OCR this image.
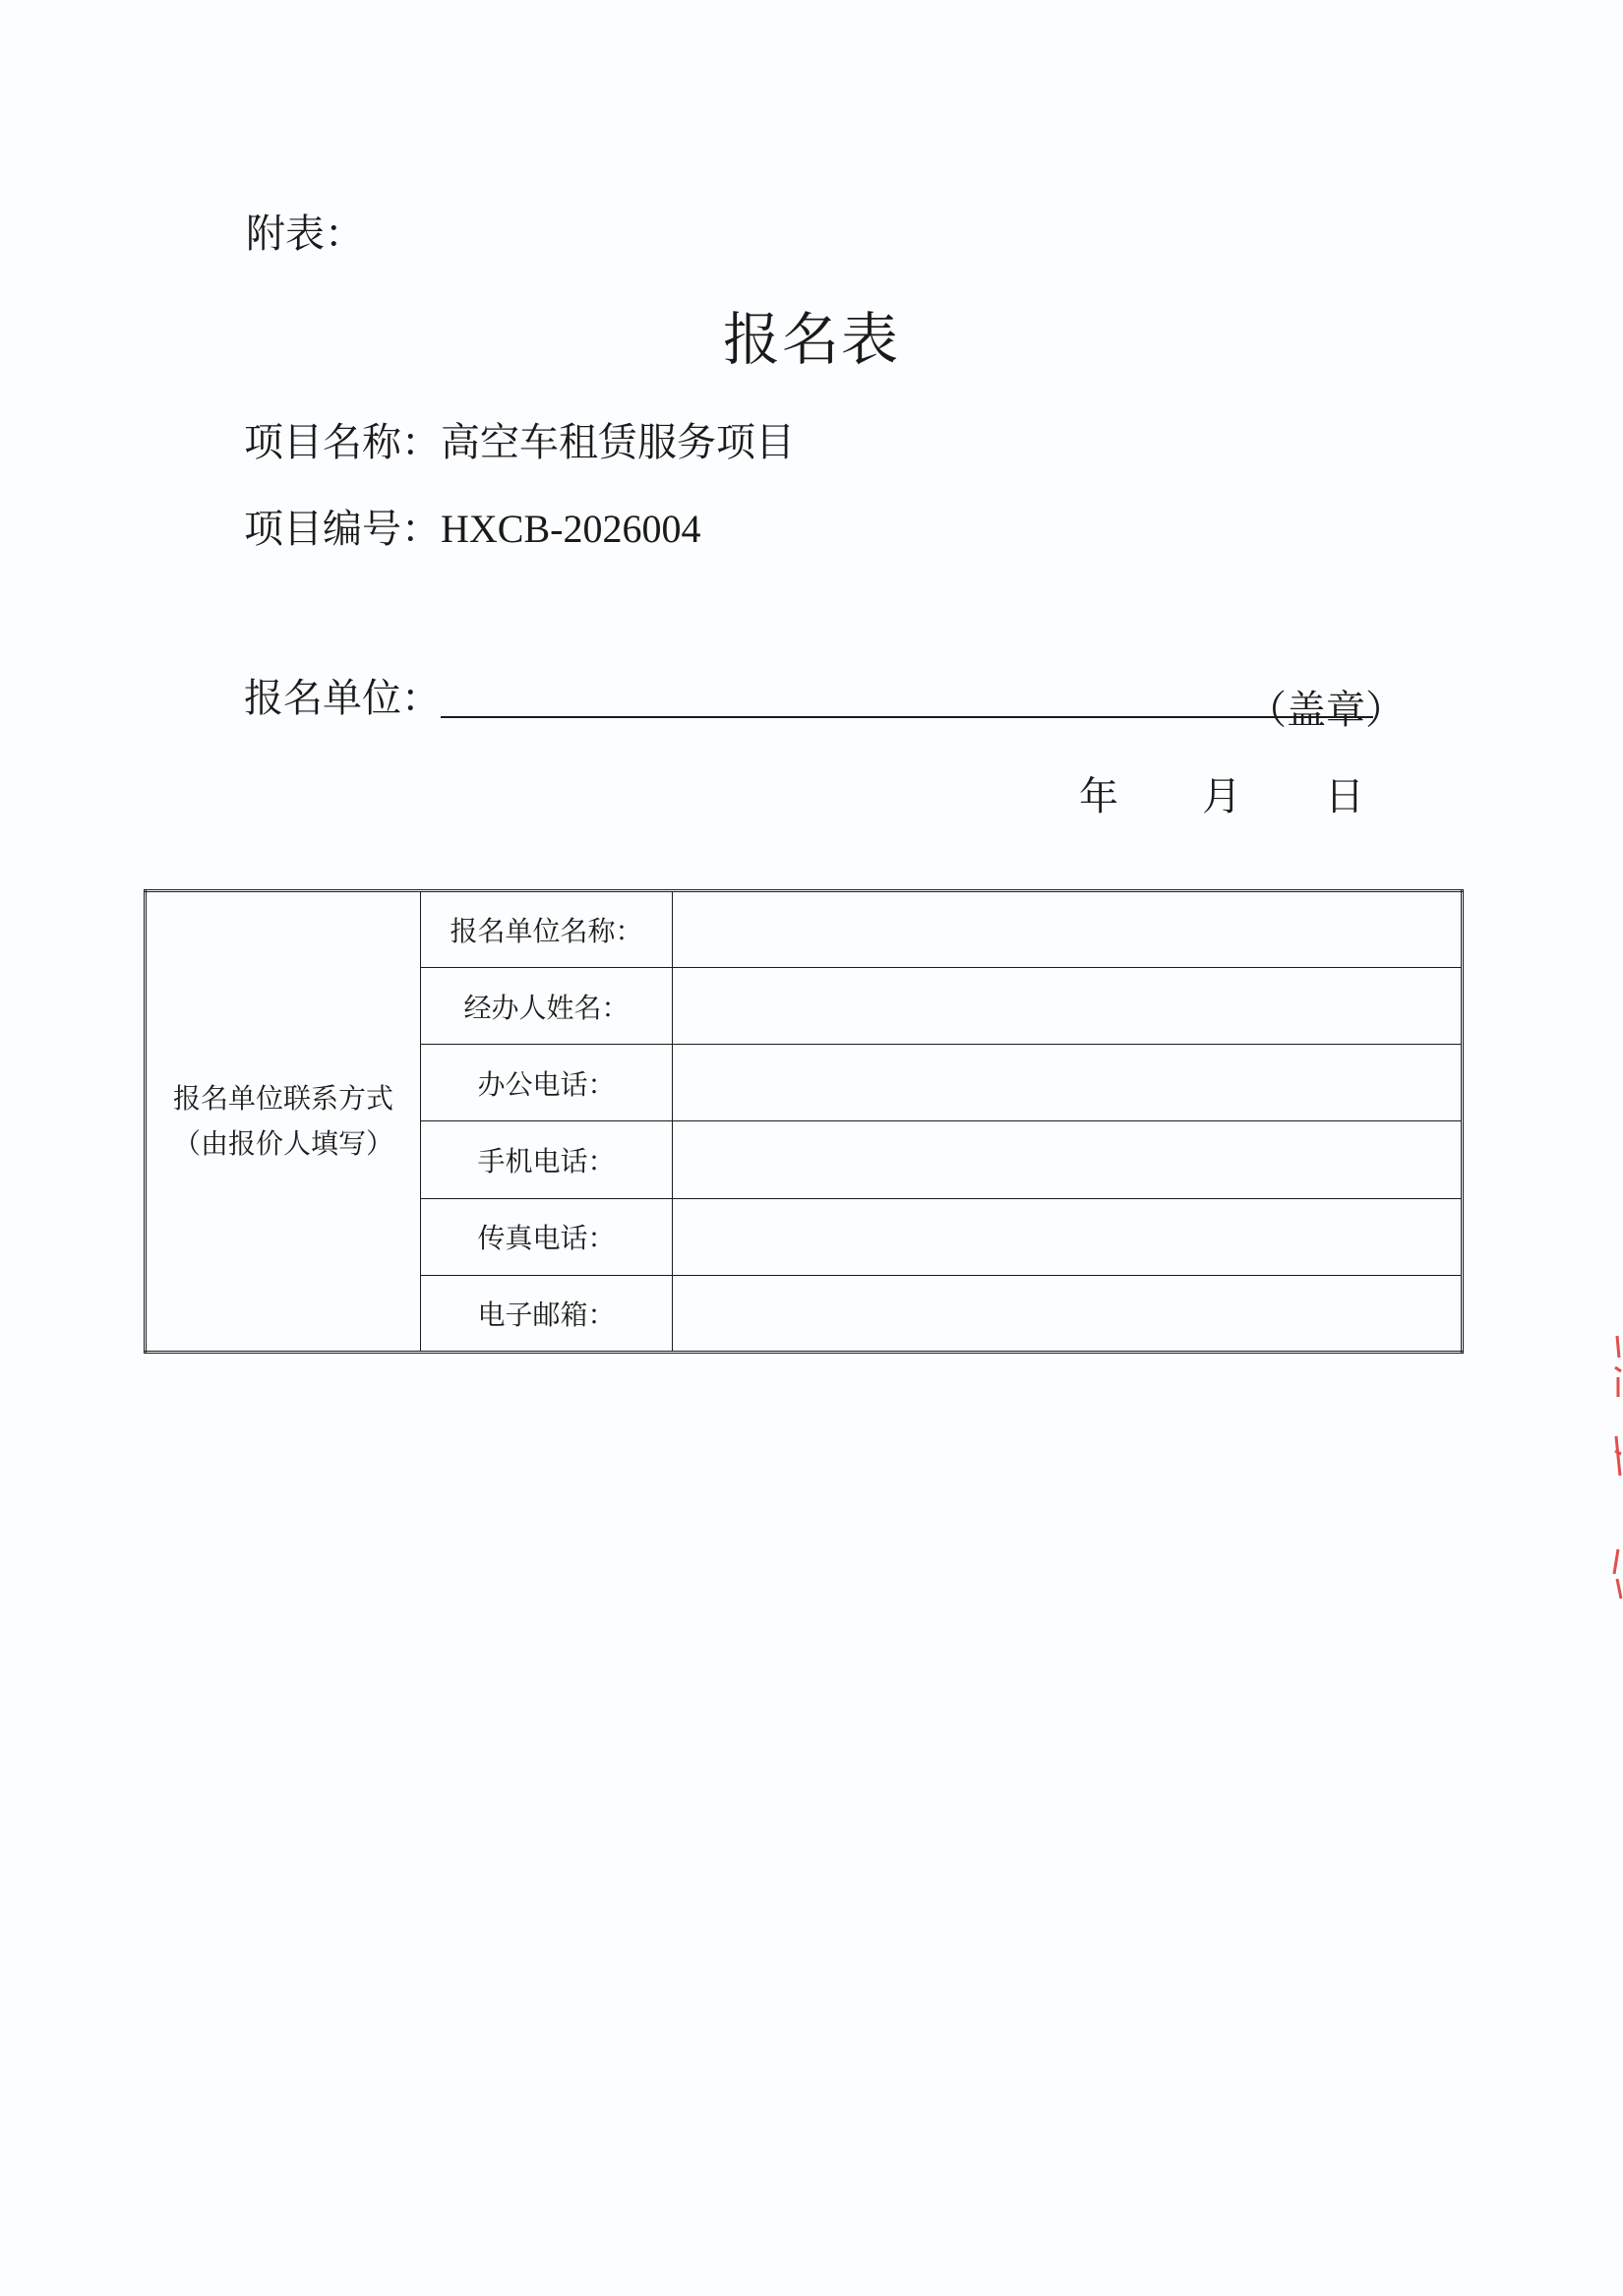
附表：
报名表
项目名称：高空车租赁服务项目
项目编号：HXCB-2026004
报名单位：	（盖章）
年 月 日
报名单位联系方式
（由报价人填写）	报名单位名称：	
	经办人姓名：	
	办公电话：	
	手机电话：	
	传真电话：	
	电子邮箱：	
